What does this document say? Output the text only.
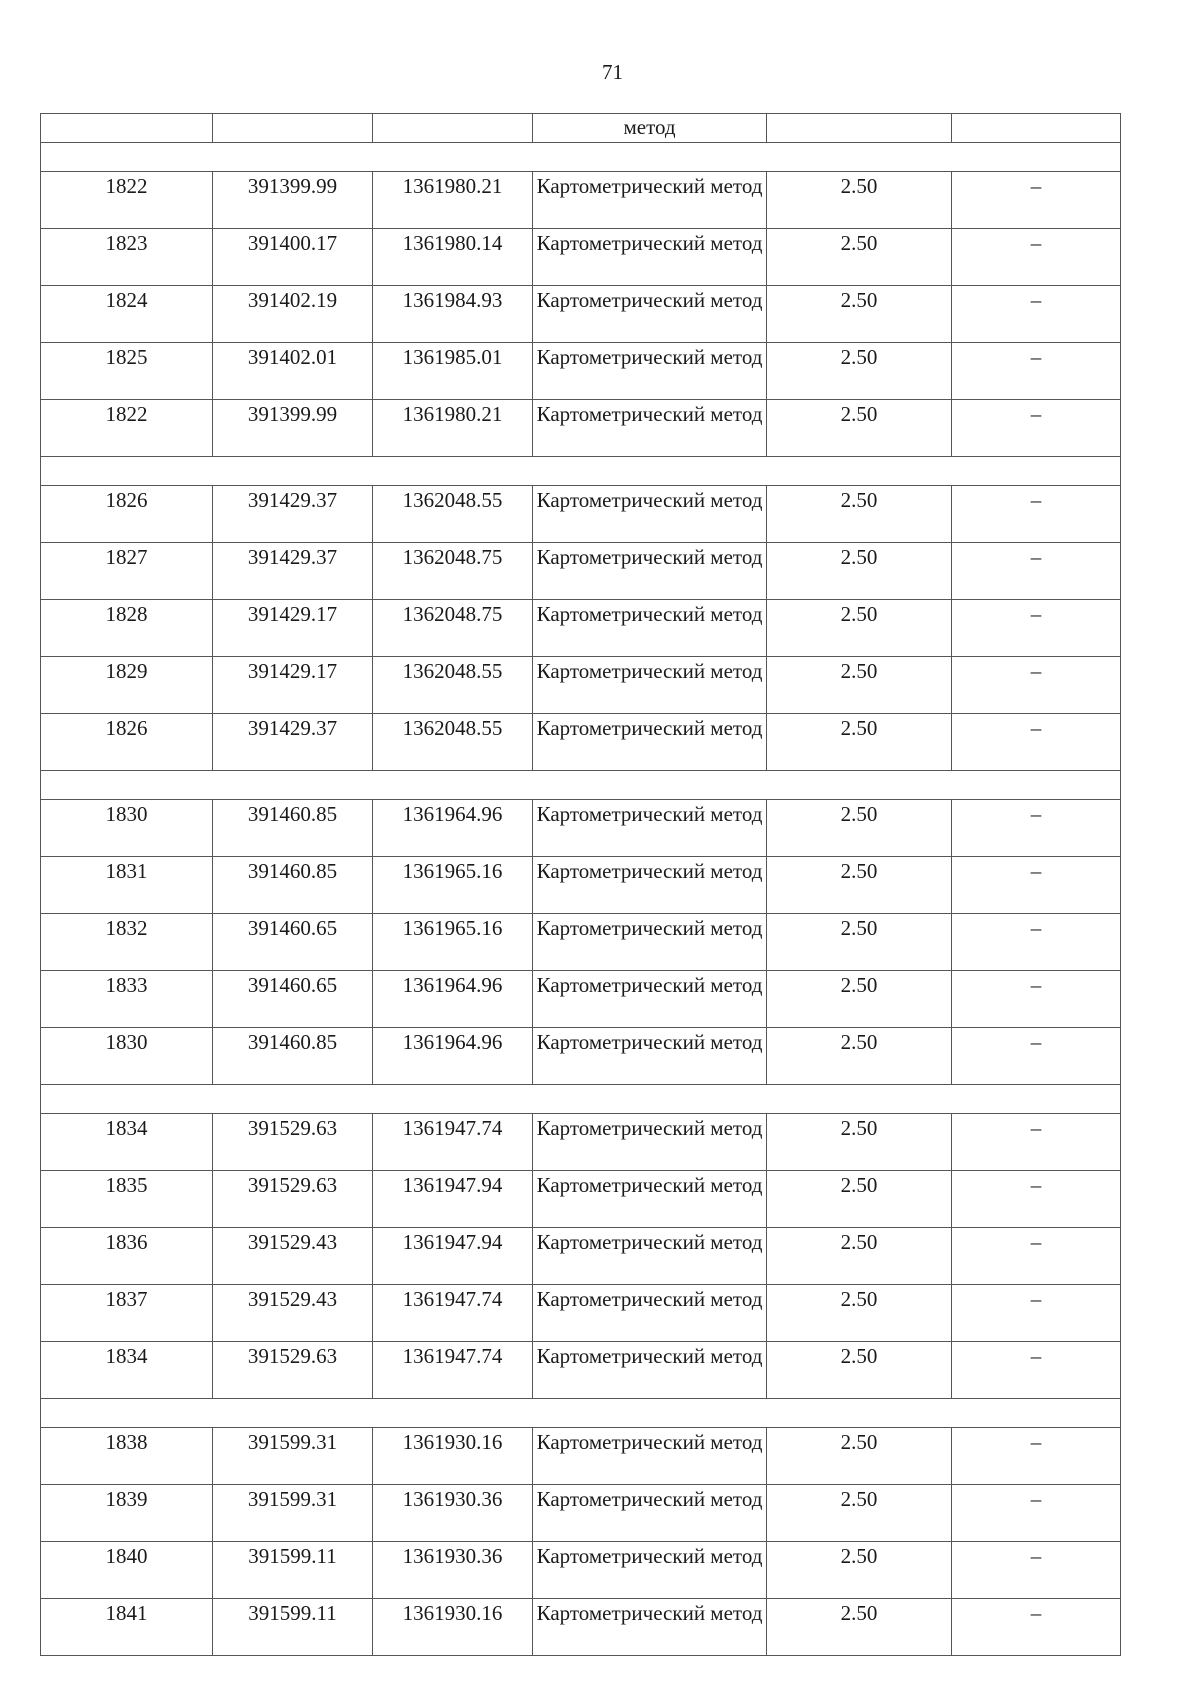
71
			метод		

1822	391399.99	1361980.21	Картометрический метод	2.50	–
1823	391400.17	1361980.14	Картометрический метод	2.50	–
1824	391402.19	1361984.93	Картометрический метод	2.50	–
1825	391402.01	1361985.01	Картометрический метод	2.50	–
1822	391399.99	1361980.21	Картометрический метод	2.50	–

1826	391429.37	1362048.55	Картометрический метод	2.50	–
1827	391429.37	1362048.75	Картометрический метод	2.50	–
1828	391429.17	1362048.75	Картометрический метод	2.50	–
1829	391429.17	1362048.55	Картометрический метод	2.50	–
1826	391429.37	1362048.55	Картометрический метод	2.50	–

1830	391460.85	1361964.96	Картометрический метод	2.50	–
1831	391460.85	1361965.16	Картометрический метод	2.50	–
1832	391460.65	1361965.16	Картометрический метод	2.50	–
1833	391460.65	1361964.96	Картометрический метод	2.50	–
1830	391460.85	1361964.96	Картометрический метод	2.50	–

1834	391529.63	1361947.74	Картометрический метод	2.50	–
1835	391529.63	1361947.94	Картометрический метод	2.50	–
1836	391529.43	1361947.94	Картометрический метод	2.50	–
1837	391529.43	1361947.74	Картометрический метод	2.50	–
1834	391529.63	1361947.74	Картометрический метод	2.50	–

1838	391599.31	1361930.16	Картометрический метод	2.50	–
1839	391599.31	1361930.36	Картометрический метод	2.50	–
1840	391599.11	1361930.36	Картометрический метод	2.50	–
1841	391599.11	1361930.16	Картометрический метод	2.50	–
